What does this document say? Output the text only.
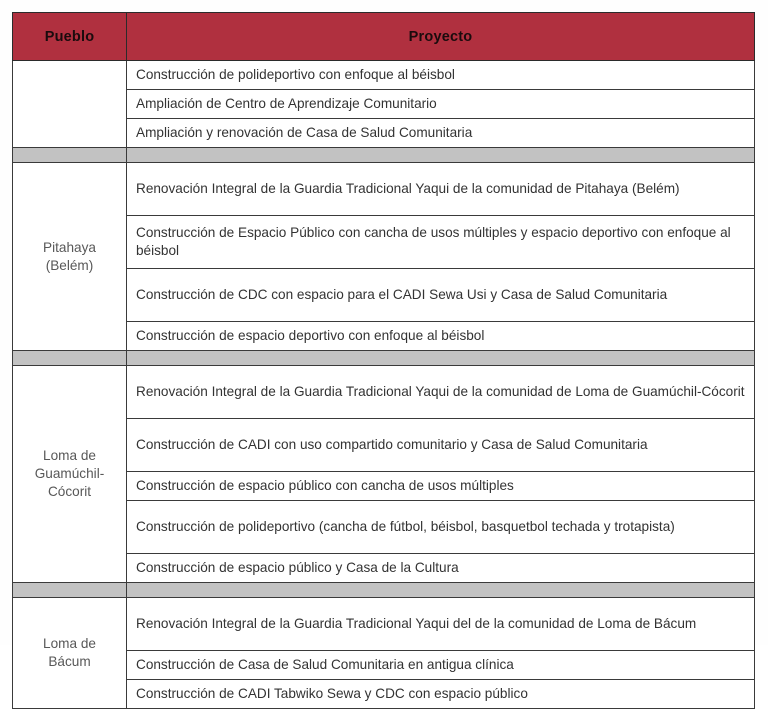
Pueblo	Proyecto
	Construcción de polideportivo con enfoque al béisbol
	Ampliación de Centro de Aprendizaje Comunitario
	Ampliación y renovación de Casa de Salud Comunitaria

Pitahaya
(Belém)	Renovación Integral de la Guardia Tradicional Yaqui de la comunidad de Pitahaya (Belém)
	Construcción de Espacio Público con cancha de usos múltiples y espacio deportivo con enfoque al béisbol
	Construcción de CDC con espacio para el CADI Sewa Usi y Casa de Salud Comunitaria
	Construcción de espacio deportivo con enfoque al béisbol

Loma de
Guamúchil-
Cócorit	Renovación Integral de la Guardia Tradicional Yaqui de la comunidad de Loma de Guamúchil-Cócorit
	Construcción de CADI con uso compartido comunitario y Casa de Salud Comunitaria
	Construcción de espacio público con cancha de usos múltiples
	Construcción de polideportivo (cancha de fútbol, béisbol, basquetbol techada y trotapista)
	Construcción de espacio público y Casa de la Cultura

Loma de
Bácum	Renovación Integral de la Guardia Tradicional Yaqui del de la comunidad de Loma de Bácum
	Construcción de Casa de Salud Comunitaria en antigua clínica
	Construcción de CADI Tabwiko Sewa y CDC con espacio público
